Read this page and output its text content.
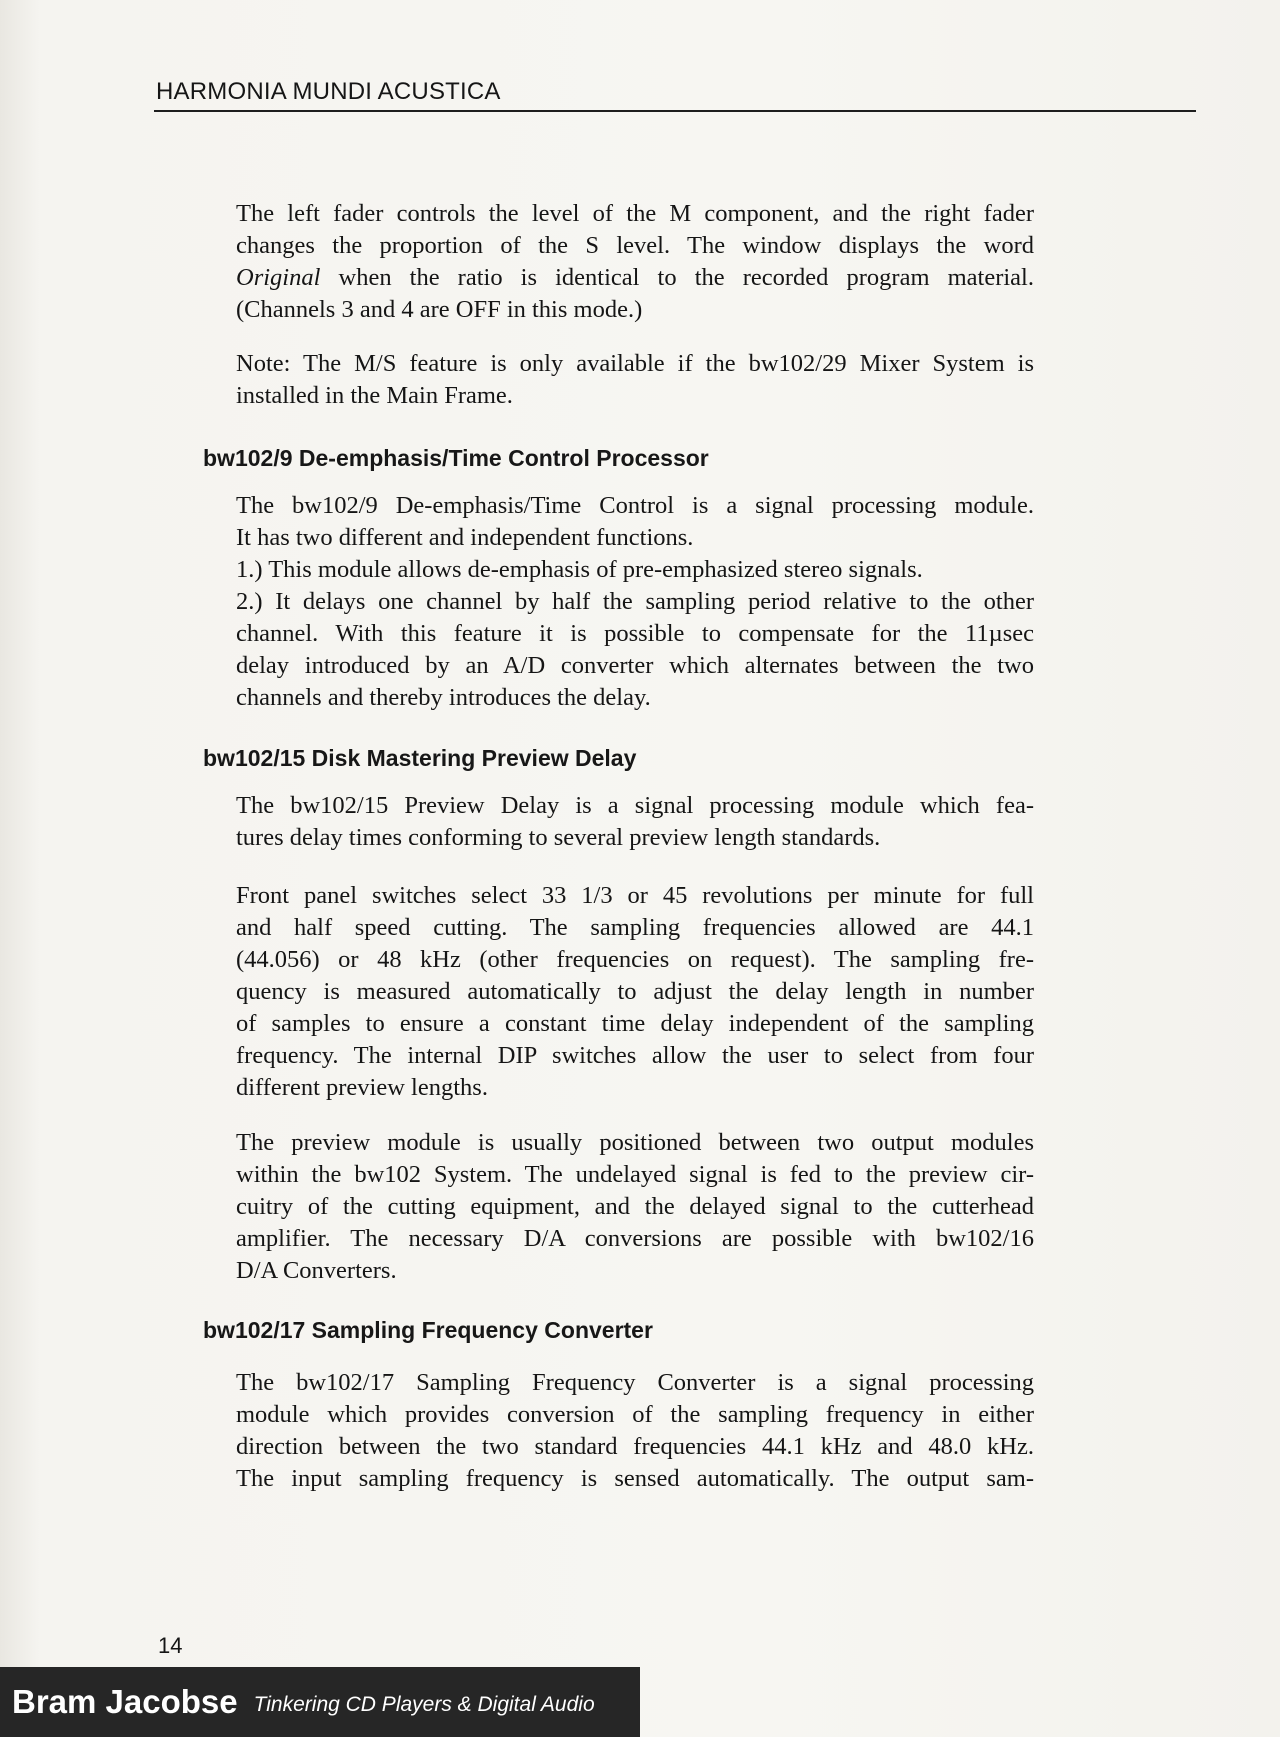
HARMONIA MUNDI ACUSTICA

The left fader controls the level of the M component, and the right fader
changes the proportion of the S level. The window displays the word
Original when the ratio is identical to the recorded program material.
(Channels 3 and 4 are OFF in this mode.)

Note: The M/S feature is only available if the bw102/29 Mixer System is
installed in the Main Frame.

bw102/9 De-emphasis/Time Control Processor

The bw102/9 De-emphasis/Time Control is a signal processing module.
It has two different and independent functions.
1.) This module allows de-emphasis of pre-emphasized stereo signals.
2.) It delays one channel by half the sampling period relative to the other
channel. With this feature it is possible to compensate for the 11µsec
delay introduced by an A/D converter which alternates between the two
channels and thereby introduces the delay.

bw102/15 Disk Mastering Preview Delay

The bw102/15 Preview Delay is a signal processing module which fea-
tures delay times conforming to several preview length standards.

Front panel switches select 33 1/3 or 45 revolutions per minute for full
and half speed cutting. The sampling frequencies allowed are 44.1
(44.056) or 48 kHz (other frequencies on request). The sampling fre-
quency is measured automatically to adjust the delay length in number
of samples to ensure a constant time delay independent of the sampling
frequency. The internal DIP switches allow the user to select from four
different preview lengths.

The preview module is usually positioned between two output modules
within the bw102 System. The undelayed signal is fed to the preview cir-
cuitry of the cutting equipment, and the delayed signal to the cutterhead
amplifier. The necessary D/A conversions are possible with bw102/16
D/A Converters.

bw102/17 Sampling Frequency Converter

The bw102/17 Sampling Frequency Converter is a signal processing
module which provides conversion of the sampling frequency in either
direction between the two standard frequencies 44.1 kHz and 48.0 kHz.
The input sampling frequency is sensed automatically. The output sam-

14
Bram Jacobse Tinkering CD Players & Digital Audio
